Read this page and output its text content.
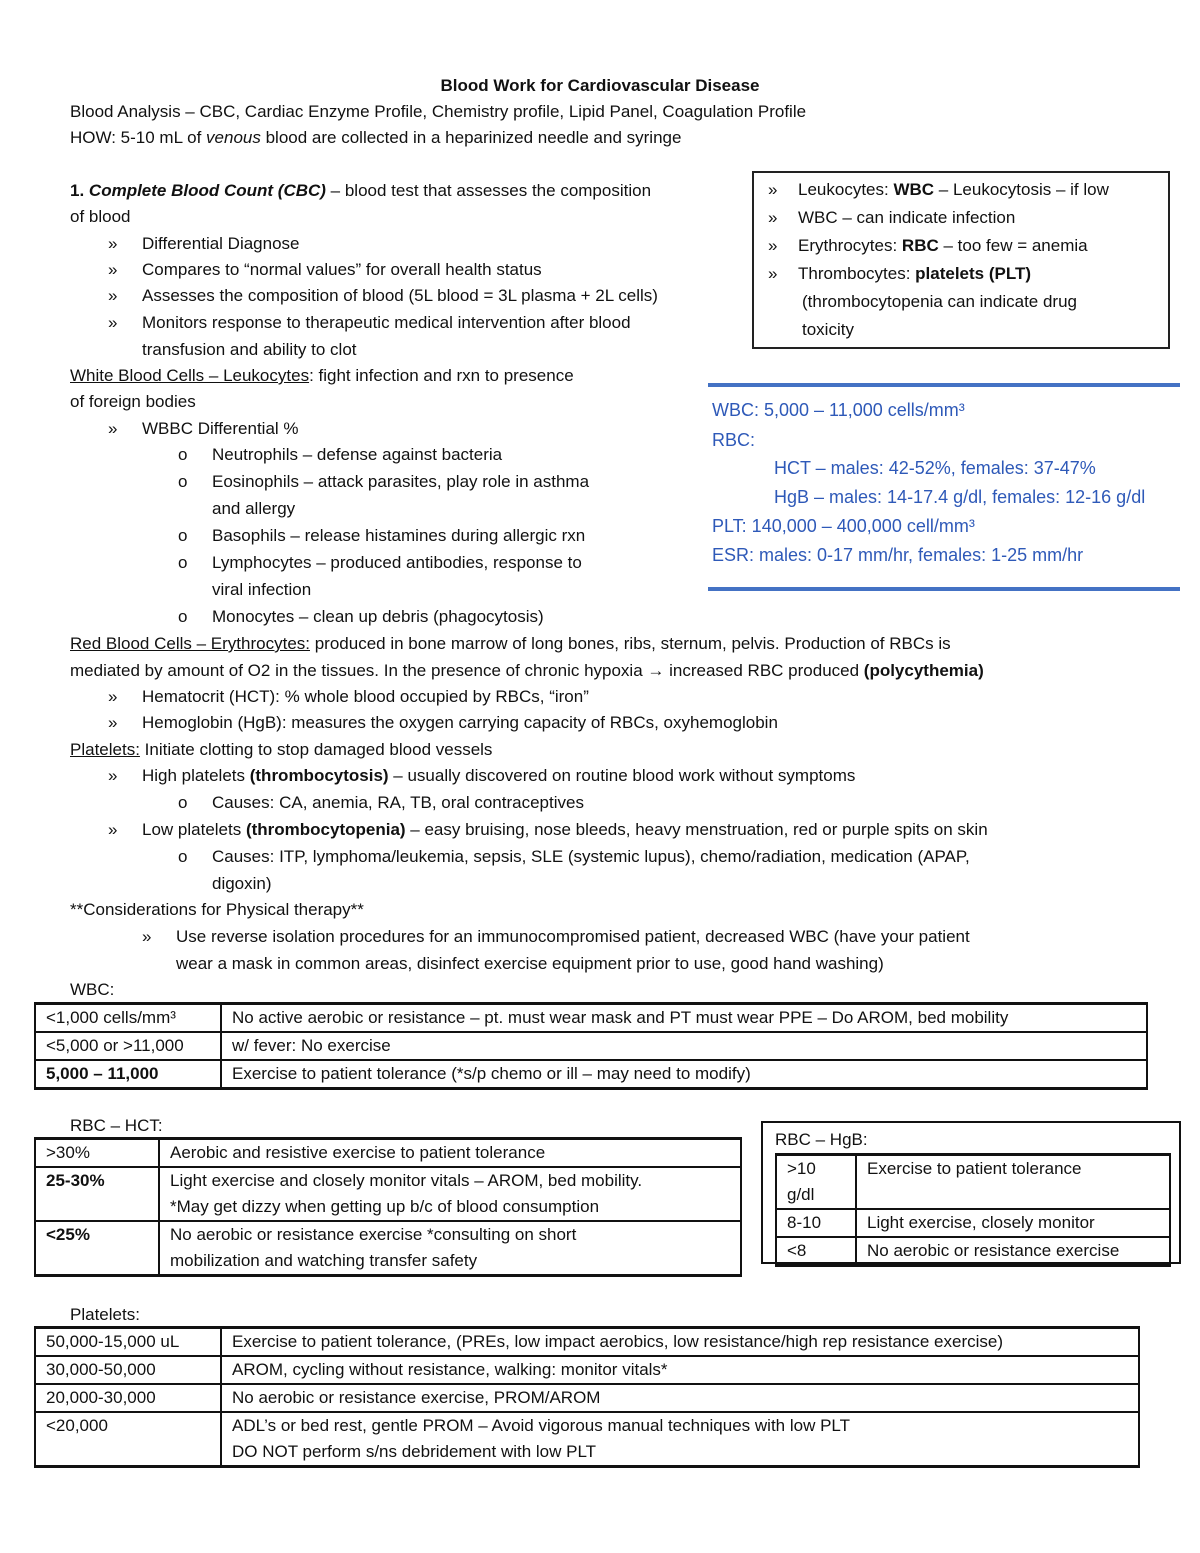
Blood Work for Cardiovascular Disease
Blood Analysis – CBC, Cardiac Enzyme Profile, Chemistry profile, Lipid Panel, Coagulation Profile
HOW: 5-10 mL of venous blood are collected in a heparinized needle and syringe
1. Complete Blood Count (CBC) – blood test that assesses the composition
of blood
» Differential Diagnose
» Compares to “normal values” for overall health status
» Assesses the composition of blood (5L blood = 3L plasma + 2L cells)
» Monitors response to therapeutic medical intervention after blood
transfusion and ability to clot
» Leukocytes: WBC – Leukocytosis – if low
» WBC – can indicate infection
» Erythrocytes: RBC – too few = anemia
» Thrombocytes: platelets (PLT)
(thrombocytopenia can indicate drug
toxicity
WBC: 5,000 – 11,000 cells/mm³
RBC:
HCT – males: 42-52%, females: 37-47%
HgB – males: 14-17.4 g/dl, females: 12-16 g/dl
PLT: 140,000 – 400,000 cell/mm³
ESR: males: 0-17 mm/hr, females: 1-25 mm/hr
White Blood Cells – Leukocytes: fight infection and rxn to presence
of foreign bodies
» WBBC Differential %
o Neutrophils – defense against bacteria
o Eosinophils – attack parasites, play role in asthma
and allergy
o Basophils – release histamines during allergic rxn
o Lymphocytes – produced antibodies, response to
viral infection
o Monocytes – clean up debris (phagocytosis)
Red Blood Cells – Erythrocytes: produced in bone marrow of long bones, ribs, sternum, pelvis. Production of RBCs is
mediated by amount of O2 in the tissues. In the presence of chronic hypoxia → increased RBC produced (polycythemia)
» Hematocrit (HCT): % whole blood occupied by RBCs, “iron”
» Hemoglobin (HgB): measures the oxygen carrying capacity of RBCs, oxyhemoglobin
Platelets: Initiate clotting to stop damaged blood vessels
» High platelets (thrombocytosis) – usually discovered on routine blood work without symptoms
o Causes: CA, anemia, RA, TB, oral contraceptives
» Low platelets (thrombocytopenia) – easy bruising, nose bleeds, heavy menstruation, red or purple spits on skin
o Causes: ITP, lymphoma/leukemia, sepsis, SLE (systemic lupus), chemo/radiation, medication (APAP,
digoxin)
**Considerations for Physical therapy**
» Use reverse isolation procedures for an immunocompromised patient, decreased WBC (have your patient
wear a mask in common areas, disinfect exercise equipment prior to use, good hand washing)
WBC:
<1,000 cells/mm³	No active aerobic or resistance – pt. must wear mask and PT must wear PPE – Do AROM, bed mobility
<5,000 or >11,000	w/ fever: No exercise
5,000 – 11,000	Exercise to patient tolerance (*s/p chemo or ill – may need to modify)
RBC – HCT:
>30%	Aerobic and resistive exercise to patient tolerance
25-30%	Light exercise and closely monitor vitals – AROM, bed mobility.
*May get dizzy when getting up b/c of blood consumption

<25%	No aerobic or resistance exercise *consulting on short
mobilization and watching transfer safety
RBC – HgB:
>10
g/dl	Exercise to patient tolerance
8-10	Light exercise, closely monitor
<8	No aerobic or resistance exercise
Platelets:
50,000-15,000 uL	Exercise to patient tolerance, (PREs, low impact aerobics, low resistance/high rep resistance exercise)
30,000-50,000	AROM, cycling without resistance, walking: monitor vitals*
20,000-30,000	No aerobic or resistance exercise, PROM/AROM
<20,000	ADL’s or bed rest, gentle PROM – Avoid vigorous manual techniques with low PLT
DO NOT perform s/ns debridement with low PLT
